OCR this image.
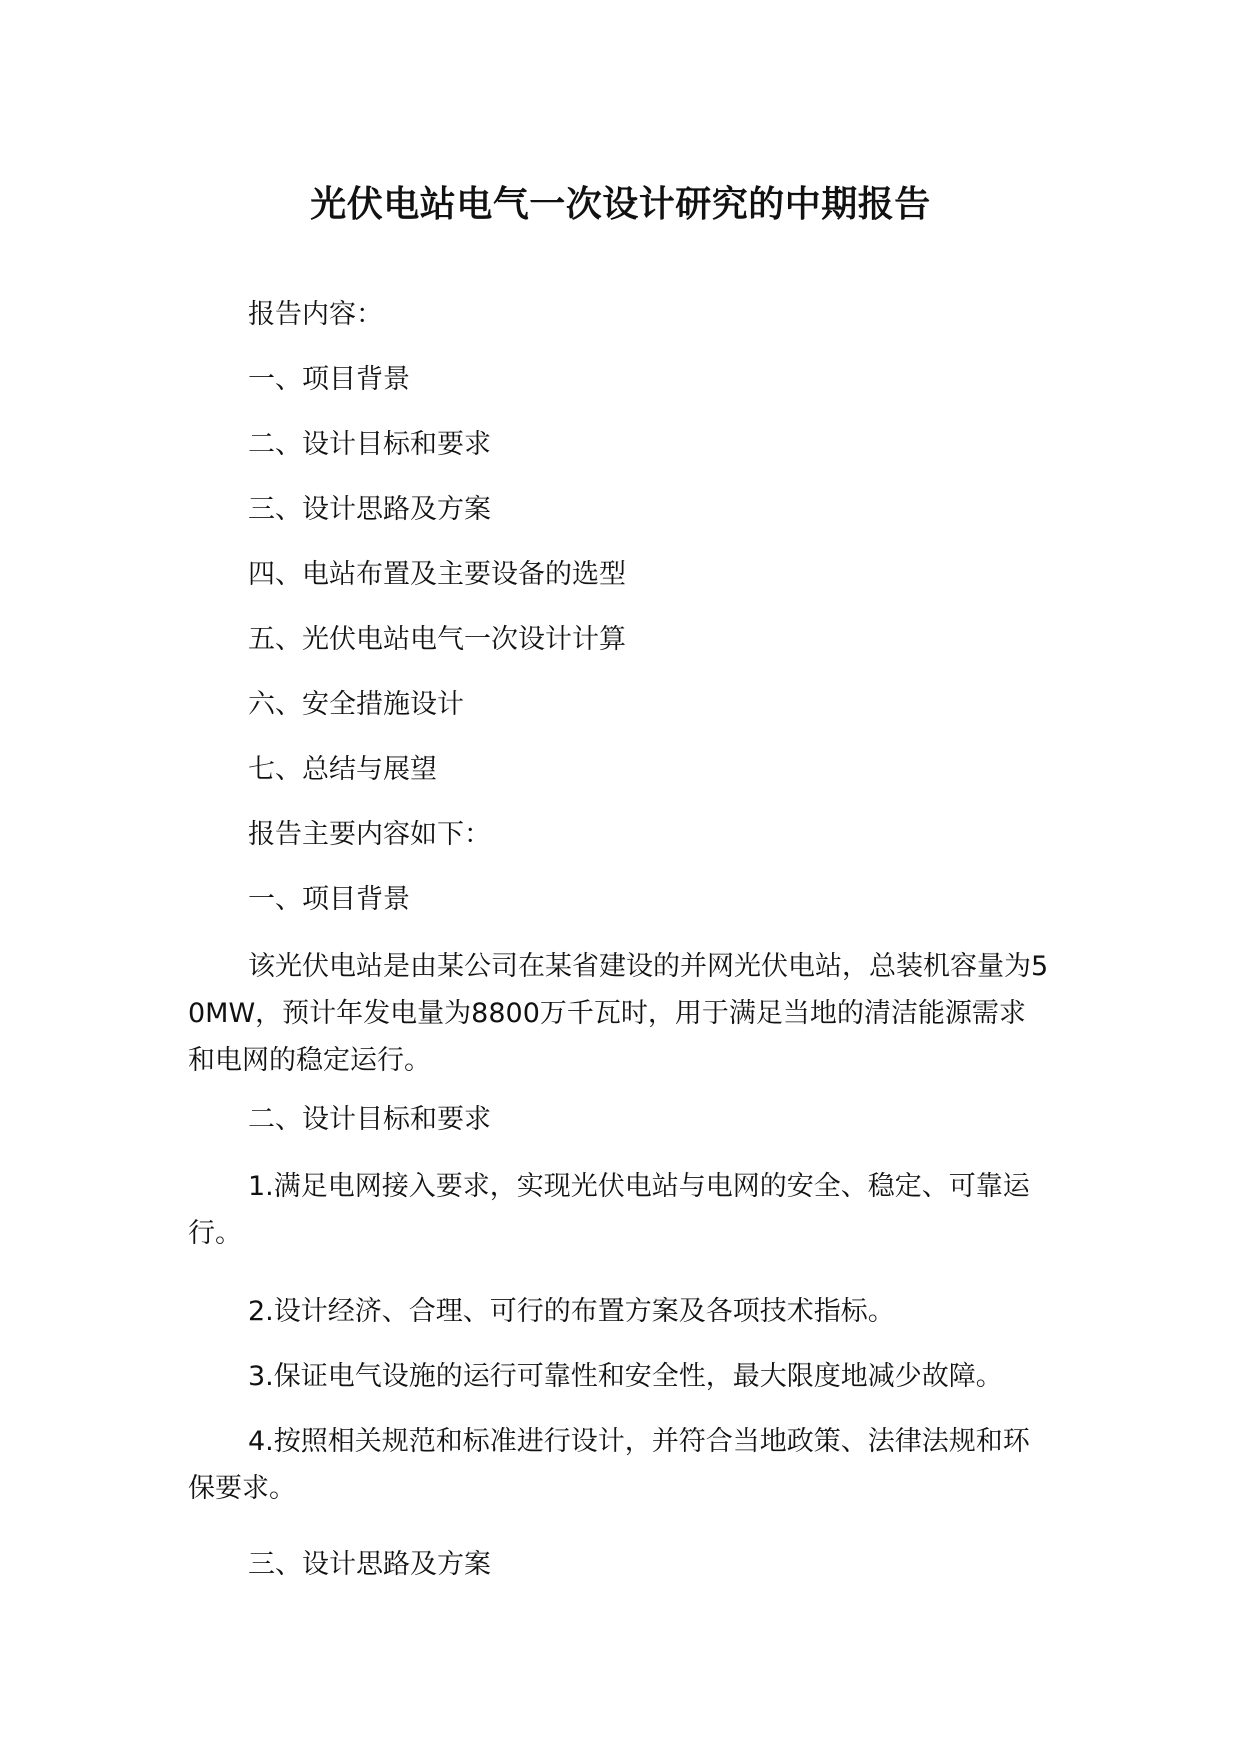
光伏电站电气一次设计研究的中期报告

报告内容：

一、项目背景

二、设计目标和要求

三、设计思路及方案

四、电站布置及主要设备的选型

五、光伏电站电气一次设计计算

六、安全措施设计

七、总结与展望

报告主要内容如下：

一、项目背景

该光伏电站是由某公司在某省建设的并网光伏电站，总装机容量为50MW，预计年发电量为8800万千瓦时，用于满足当地的清洁能源需求和电网的稳定运行。

二、设计目标和要求

1.满足电网接入要求，实现光伏电站与电网的安全、稳定、可靠运行。

2.设计经济、合理、可行的布置方案及各项技术指标。

3.保证电气设施的运行可靠性和安全性，最大限度地减少故障。

4.按照相关规范和标准进行设计，并符合当地政策、法律法规和环保要求。

三、设计思路及方案
